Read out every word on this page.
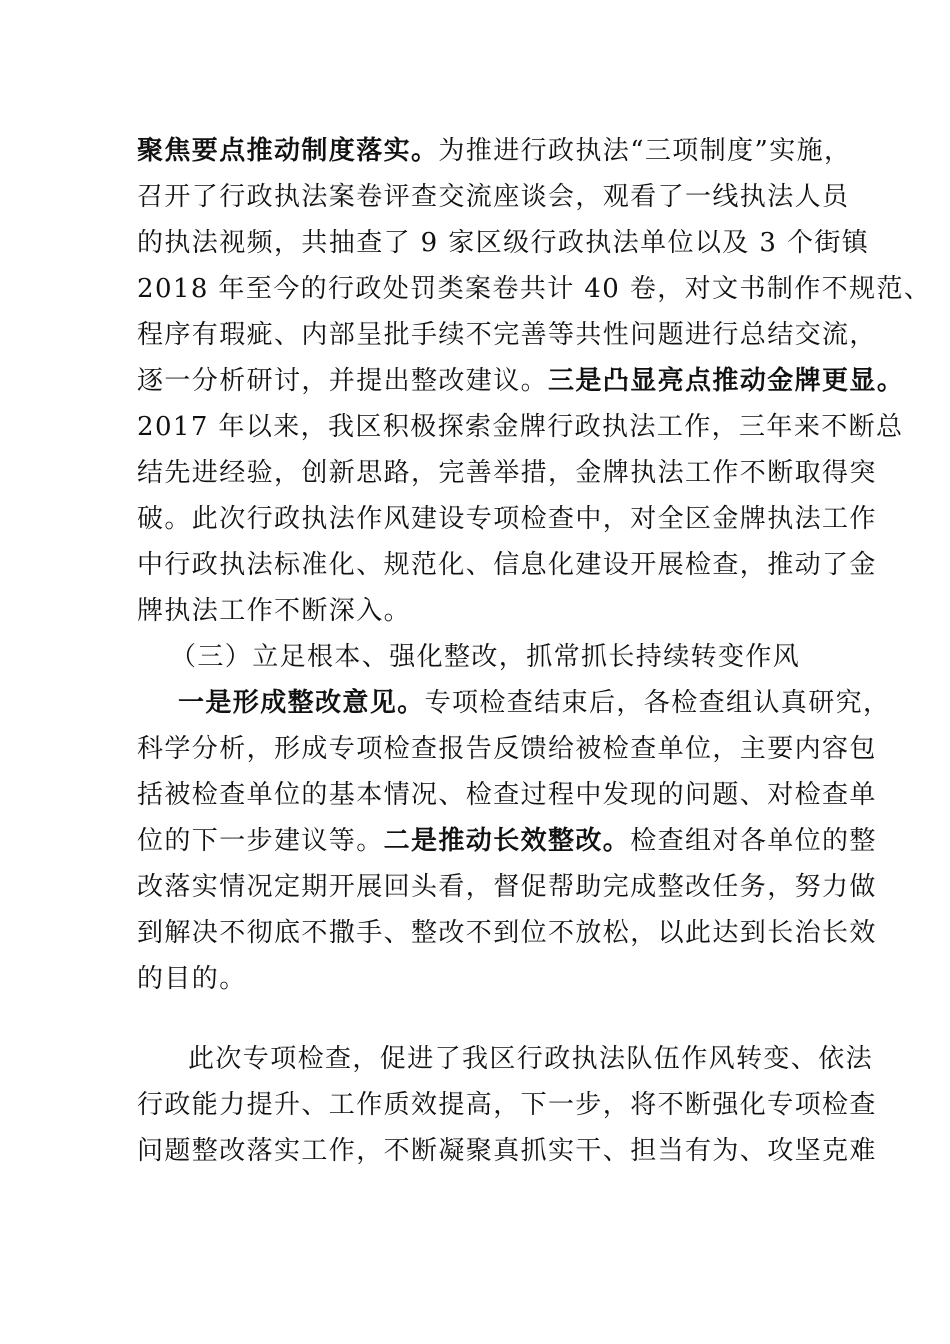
聚焦要点推动制度落实。为推进行政执法“三项制度”实施，
召开了行政执法案卷评查交流座谈会，观看了一线执法人员
的执法视频，共抽查了 9 家区级行政执法单位以及 3 个街镇
2018 年至今的行政处罚类案卷共计 40 卷，对文书制作不规范、
程序有瑕疵、内部呈批手续不完善等共性问题进行总结交流，
逐一分析研讨，并提出整改建议。三是凸显亮点推动金牌更显。
2017 年以来，我区积极探索金牌行政执法工作，三年来不断总
结先进经验，创新思路，完善举措，金牌执法工作不断取得突
破。此次行政执法作风建设专项检查中，对全区金牌执法工作
中行政执法标准化、规范化、信息化建设开展检查，推动了金
牌执法工作不断深入。
（三）立足根本、强化整改，抓常抓长持续转变作风
一是形成整改意见。专项检查结束后，各检查组认真研究，
科学分析，形成专项检查报告反馈给被检查单位，主要内容包
括被检查单位的基本情况、检查过程中发现的问题、对检查单
位的下一步建议等。二是推动长效整改。检查组对各单位的整
改落实情况定期开展回头看，督促帮助完成整改任务，努力做
到解决不彻底不撒手、整改不到位不放松，以此达到长治长效
的目的。
此次专项检查，促进了我区行政执法队伍作风转变、依法
行政能力提升、工作质效提高，下一步，将不断强化专项检查
问题整改落实工作，不断凝聚真抓实干、担当有为、攻坚克难
